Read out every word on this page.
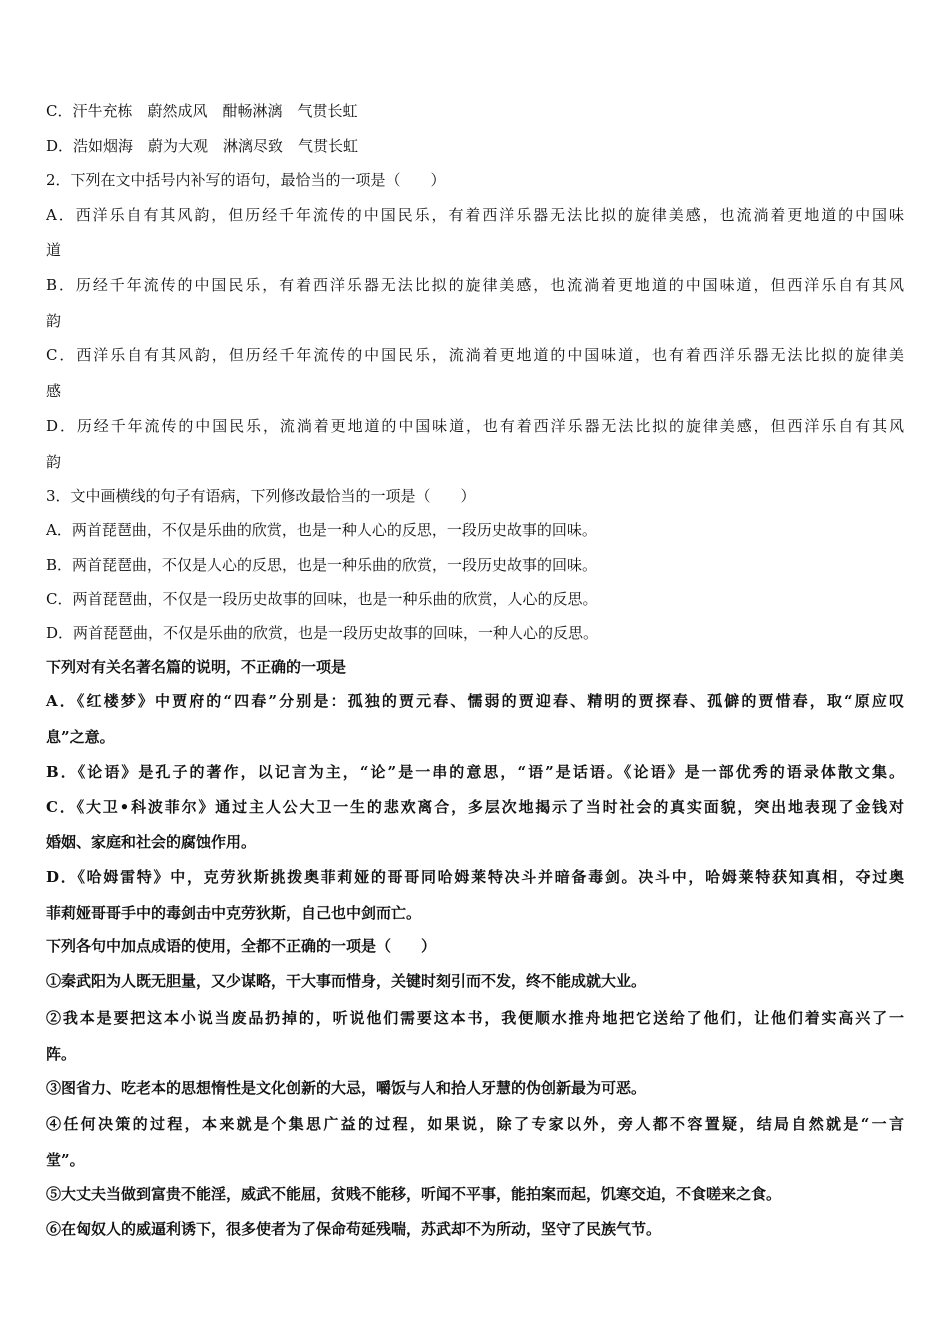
C．汗牛充栋　蔚然成风　酣畅淋漓　气贯长虹
D．浩如烟海　蔚为大观　淋漓尽致　气贯长虹
2．下列在文中括号内补写的语句，最恰当的一项是（　　）
A．西洋乐自有其风韵，但历经千年流传的中国民乐，有着西洋乐器无法比拟的旋律美感，也流淌着更地道的中国味
道
B．历经千年流传的中国民乐，有着西洋乐器无法比拟的旋律美感，也流淌着更地道的中国味道，但西洋乐自有其风
韵
C．西洋乐自有其风韵，但历经千年流传的中国民乐，流淌着更地道的中国味道，也有着西洋乐器无法比拟的旋律美
感
D．历经千年流传的中国民乐，流淌着更地道的中国味道，也有着西洋乐器无法比拟的旋律美感，但西洋乐自有其风
韵
3．文中画横线的句子有语病，下列修改最恰当的一项是（　　）
A．两首琵琶曲，不仅是乐曲的欣赏，也是一种人心的反思，一段历史故事的回味。
B．两首琵琶曲，不仅是人心的反思，也是一种乐曲的欣赏，一段历史故事的回味。
C．两首琵琶曲，不仅是一段历史故事的回味，也是一种乐曲的欣赏，人心的反思。
D．两首琵琶曲，不仅是乐曲的欣赏，也是一段历史故事的回味，一种人心的反思。
下列对有关名著名篇的说明，不正确的一项是
A．《红楼梦》中贾府的“四春”分别是：孤独的贾元春、懦弱的贾迎春、精明的贾探春、孤僻的贾惜春，取“原应叹
息”之意。
B．《论语》是孔子的著作，以记言为主，“论”是一串的意思，“语”是话语。《论语》是一部优秀的语录体散文集。
C．《大卫•科波菲尔》通过主人公大卫一生的悲欢离合，多层次地揭示了当时社会的真实面貌，突出地表现了金钱对
婚姻、家庭和社会的腐蚀作用。
D．《哈姆雷特》中，克劳狄斯挑拨奥菲莉娅的哥哥同哈姆莱特决斗并暗备毒剑。决斗中，哈姆莱特获知真相，夺过奥
菲莉娅哥哥手中的毒剑击中克劳狄斯，自己也中剑而亡。
下列各句中加点成语的使用，全都不正确的一项是（　　）
①秦武阳为人既无胆量，又少谋略，干大事而惜身，关键时刻引而不发，终不能成就大业。
②我本是要把这本小说当废品扔掉的，听说他们需要这本书，我便顺水推舟地把它送给了他们，让他们着实高兴了一
阵。
③图省力、吃老本的思想惰性是文化创新的大忌，嚼饭与人和拾人牙慧的伪创新最为可恶。
④任何决策的过程，本来就是个集思广益的过程，如果说，除了专家以外，旁人都不容置疑，结局自然就是“一言
堂”。
⑤大丈夫当做到富贵不能淫，威武不能屈，贫贱不能移，听闻不平事，能拍案而起，饥寒交迫，不食嗟来之食。
⑥在匈奴人的威逼利诱下，很多使者为了保命苟延残喘，苏武却不为所动，坚守了民族气节。
